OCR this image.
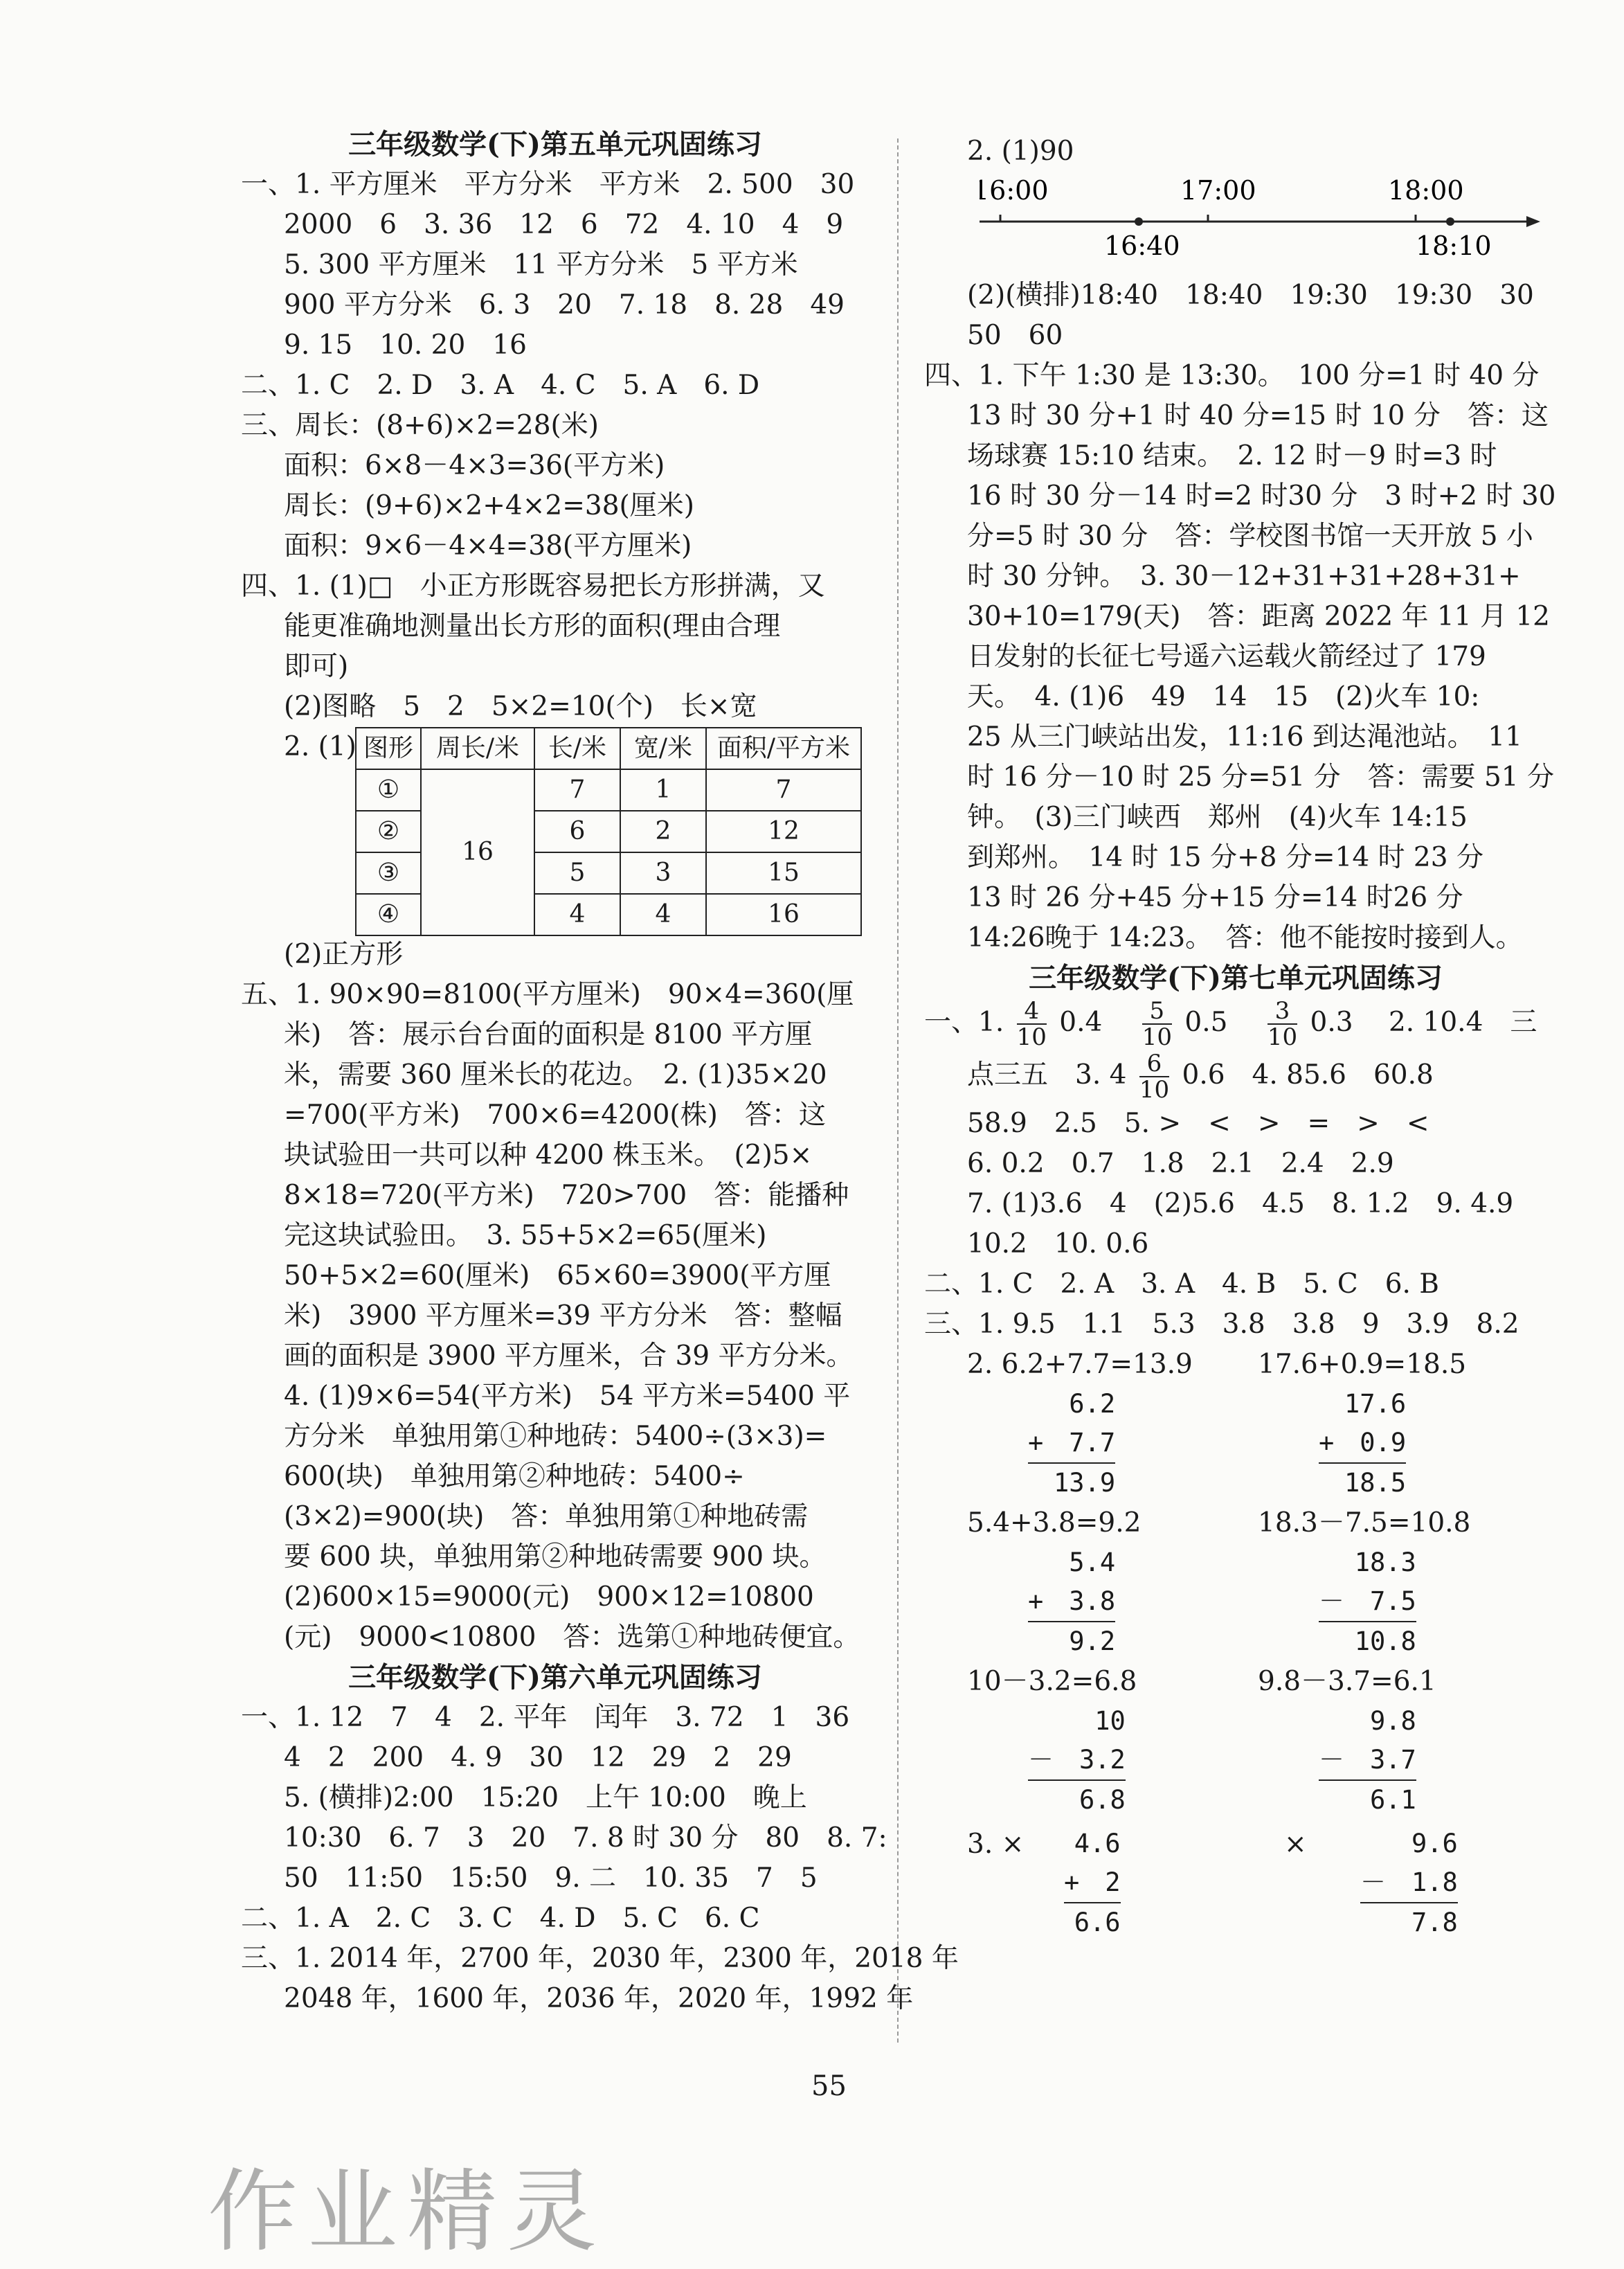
三年级数学(下)第五单元巩固练习
一、1. 平方厘米　平方分米　平方米　2. 500　30
2000　6　3. 36　12　6　72　4. 10　4　9
5. 300 平方厘米　11 平方分米　5 平方米
900 平方分米　6. 3　20　7. 18　8. 28　49
9. 15　10. 20　16
二、1. C　2. D　3. A　4. C　5. A　6. D
三、周长：(8+6)×2=28(米)
面积：6×8－4×3=36(平方米)
周长：(9+6)×2+4×2=38(厘米)
面积：9×6－4×4=38(平方厘米)
四、1. (1)□　小正方形既容易把长方形拼满，又
能更准确地测量出长方形的面积(理由合理
即可)
(2)图略　5　2　5×2=10(个)　长×宽
2. (1) 图形	周长/米	长/米	宽/米	面积/平方米
①	16	7	1	7
②		6	2	12
③		5	3	15
④		4	4	16
(2)正方形
五、1. 90×90=8100(平方厘米)　90×4=360(厘
米)　答：展示台台面的面积是 8100 平方厘
米，需要 360 厘米长的花边。　2. (1)35×20
=700(平方米)　700×6=4200(株)　答：这
块试验田一共可以种 4200 株玉米。　(2)5×
8×18=720(平方米)　720>700　答：能播种
完这块试验田。　3. 55+5×2=65(厘米)
50+5×2=60(厘米)　65×60=3900(平方厘
米)　3900 平方厘米=39 平方分米　答：整幅
画的面积是 3900 平方厘米，合 39 平方分米。
4. (1)9×6=54(平方米)　54 平方米=5400 平
方分米　单独用第①种地砖：5400÷(3×3)=
600(块)　单独用第②种地砖：5400÷
(3×2)=900(块)　答：单独用第①种地砖需
要 600 块，单独用第②种地砖需要 900 块。
(2)600×15=9000(元)　900×12=10800
(元)　9000<10800　答：选第①种地砖便宜。
三年级数学(下)第六单元巩固练习
一、1. 12　7　4　2. 平年　闰年　3. 72　1　36
4　2　200　4. 9　30　12　29　2　29
5. (横排)2:00　15:20　上午 10:00　晚上
10:30　6. 7　3　20　7. 8 时 30 分　80　8. 7:
50　11:50　15:50　9. 二　10. 35　7　5
二、1. A　2. C　3. C　4. D　5. C　6. C
三、1. 2014 年，2700 年，2030 年，2300 年，2018 年
2048 年，1600 年，2036 年，2020 年，1992 年
2. (1)90
16:00	17:00	18:00
16:40	18:10
(2)(横排)18:40　18:40　19:30　19:30　30
50　60
四、1. 下午 1:30 是 13:30。　100 分=1 时 40 分
13 时 30 分+1 时 40 分=15 时 10 分　答：这
场球赛 15:10 结束。　2. 12 时－9 时=3 时
16 时 30 分－14 时=2 时30 分　3 时+2 时 30
分=5 时 30 分　答：学校图书馆一天开放 5 小
时 30 分钟。　3. 30－12+31+31+28+31+
30+10=179(天)　答：距离 2022 年 11 月 12
日发射的长征七号遥六运载火箭经过了 179
天。　4. (1)6　49　14　15　(2)火车 10:
25 从三门峡站出发，11:16 到达渑池站。　11
时 16 分－10 时 25 分=51 分　答：需要 51 分
钟。　(3)三门峡西　郑州　(4)火车 14:15
到郑州。　14 时 15 分+8 分=14 时 23 分
13 时 26 分+45 分+15 分=14 时26 分
14:26晚于 14:23。　答：他不能按时接到人。
三年级数学(下)第七单元巩固练习
一、1. $\frac{4}{10} 0.4$　 $\frac{5}{10} 0.5$　 $\frac{3}{10} 0.3$　 2. 10.4　三
点三五　3. $4 \frac{6}{10} 0.6$　4. 85.6　60.8
58.9　2.5　5. >　<　>　=　>　<
6. 0.2　0.7　1.8　2.1　2.4　2.9
7. (1)3.6　4　(2)5.6　4.5　8. 1.2　9. 4.9
10.2　10. 0.6
二、1. C　2. A　3. A　4. B　5. C　6. B
三、1. 9.5　1.1　5.3　3.8　3.8　9　3.9　8.2
2. 6.2+7.7=13.9	17.6+0.9=18.5
6.2
+　 7.7
13.9
17.6
+　 0.9
18.5
5.4+3.8=9.2	18.3－7.5=10.8
5.4
+　 3.8
9.2
18.3
－　 7.5
10.8
10－3.2=6.8	9.8－3.7=6.1
10
－　 3.2
6.8
9.8
－　 3.7
6.1
3. ×	4.6
+　 2
6.6
×	9.6
－　 1.8
7.8
55
作业精灵
